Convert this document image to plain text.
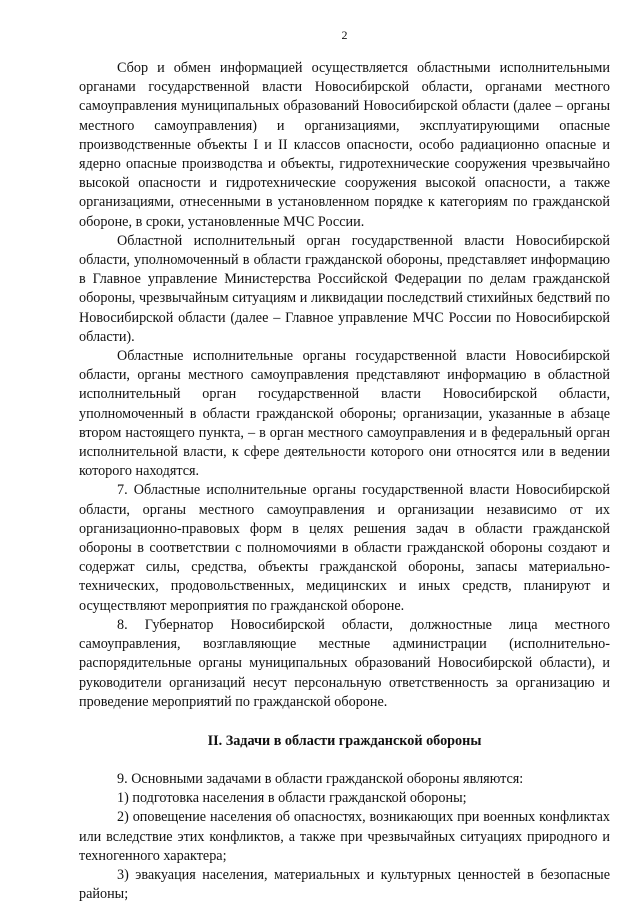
2

Сбор и обмен информацией осуществляется областными исполнительными органами государственной власти Новосибирской области, органами местного самоуправления муниципальных образований Новосибирской области (далее – органы местного самоуправления) и организациями, эксплуатирующими опасные производственные объекты I и II классов опасности, особо радиационно опасные и ядерно опасные производства и объекты, гидротехнические сооружения чрезвычайно высокой опасности и гидротехнические сооружения высокой опасности, а также организациями, отнесенными в установленном порядке к категориям по гражданской обороне, в сроки, установленные МЧС России.

Областной исполнительный орган государственной власти Новосибирской области, уполномоченный в области гражданской обороны, представляет информацию в Главное управление Министерства Российской Федерации по делам гражданской обороны, чрезвычайным ситуациям и ликвидации последствий стихийных бедствий по Новосибирской области (далее – Главное управление МЧС России по Новосибирской области).

Областные исполнительные органы государственной власти Новосибирской области, органы местного самоуправления представляют информацию в областной исполнительный орган государственной власти Новосибирской области, уполномоченный в области гражданской обороны; организации, указанные в абзаце втором настоящего пункта, – в орган местного самоуправления и в федеральный орган исполнительной власти, к сфере деятельности которого они относятся или в ведении которого находятся.

7. Областные исполнительные органы государственной власти Новосибирской области, органы местного самоуправления и организации независимо от их организационно-правовых форм в целях решения задач в области гражданской обороны в соответствии с полномочиями в области гражданской обороны создают и содержат силы, средства, объекты гражданской обороны, запасы материально-технических, продовольственных, медицинских и иных средств, планируют и осуществляют мероприятия по гражданской обороне.

8. Губернатор Новосибирской области, должностные лица местного самоуправления, возглавляющие местные администрации (исполнительно-распорядительные органы муниципальных образований Новосибирской области), и руководители организаций несут персональную ответственность за организацию и проведение мероприятий по гражданской обороне.

II. Задачи в области гражданской обороны

9. Основными задачами в области гражданской обороны являются:

1) подготовка населения в области гражданской обороны;

2) оповещение населения об опасностях, возникающих при военных конфликтах или вследствие этих конфликтов, а также при чрезвычайных ситуациях природного и техногенного характера;

3) эвакуация населения, материальных и культурных ценностей в безопасные районы;
